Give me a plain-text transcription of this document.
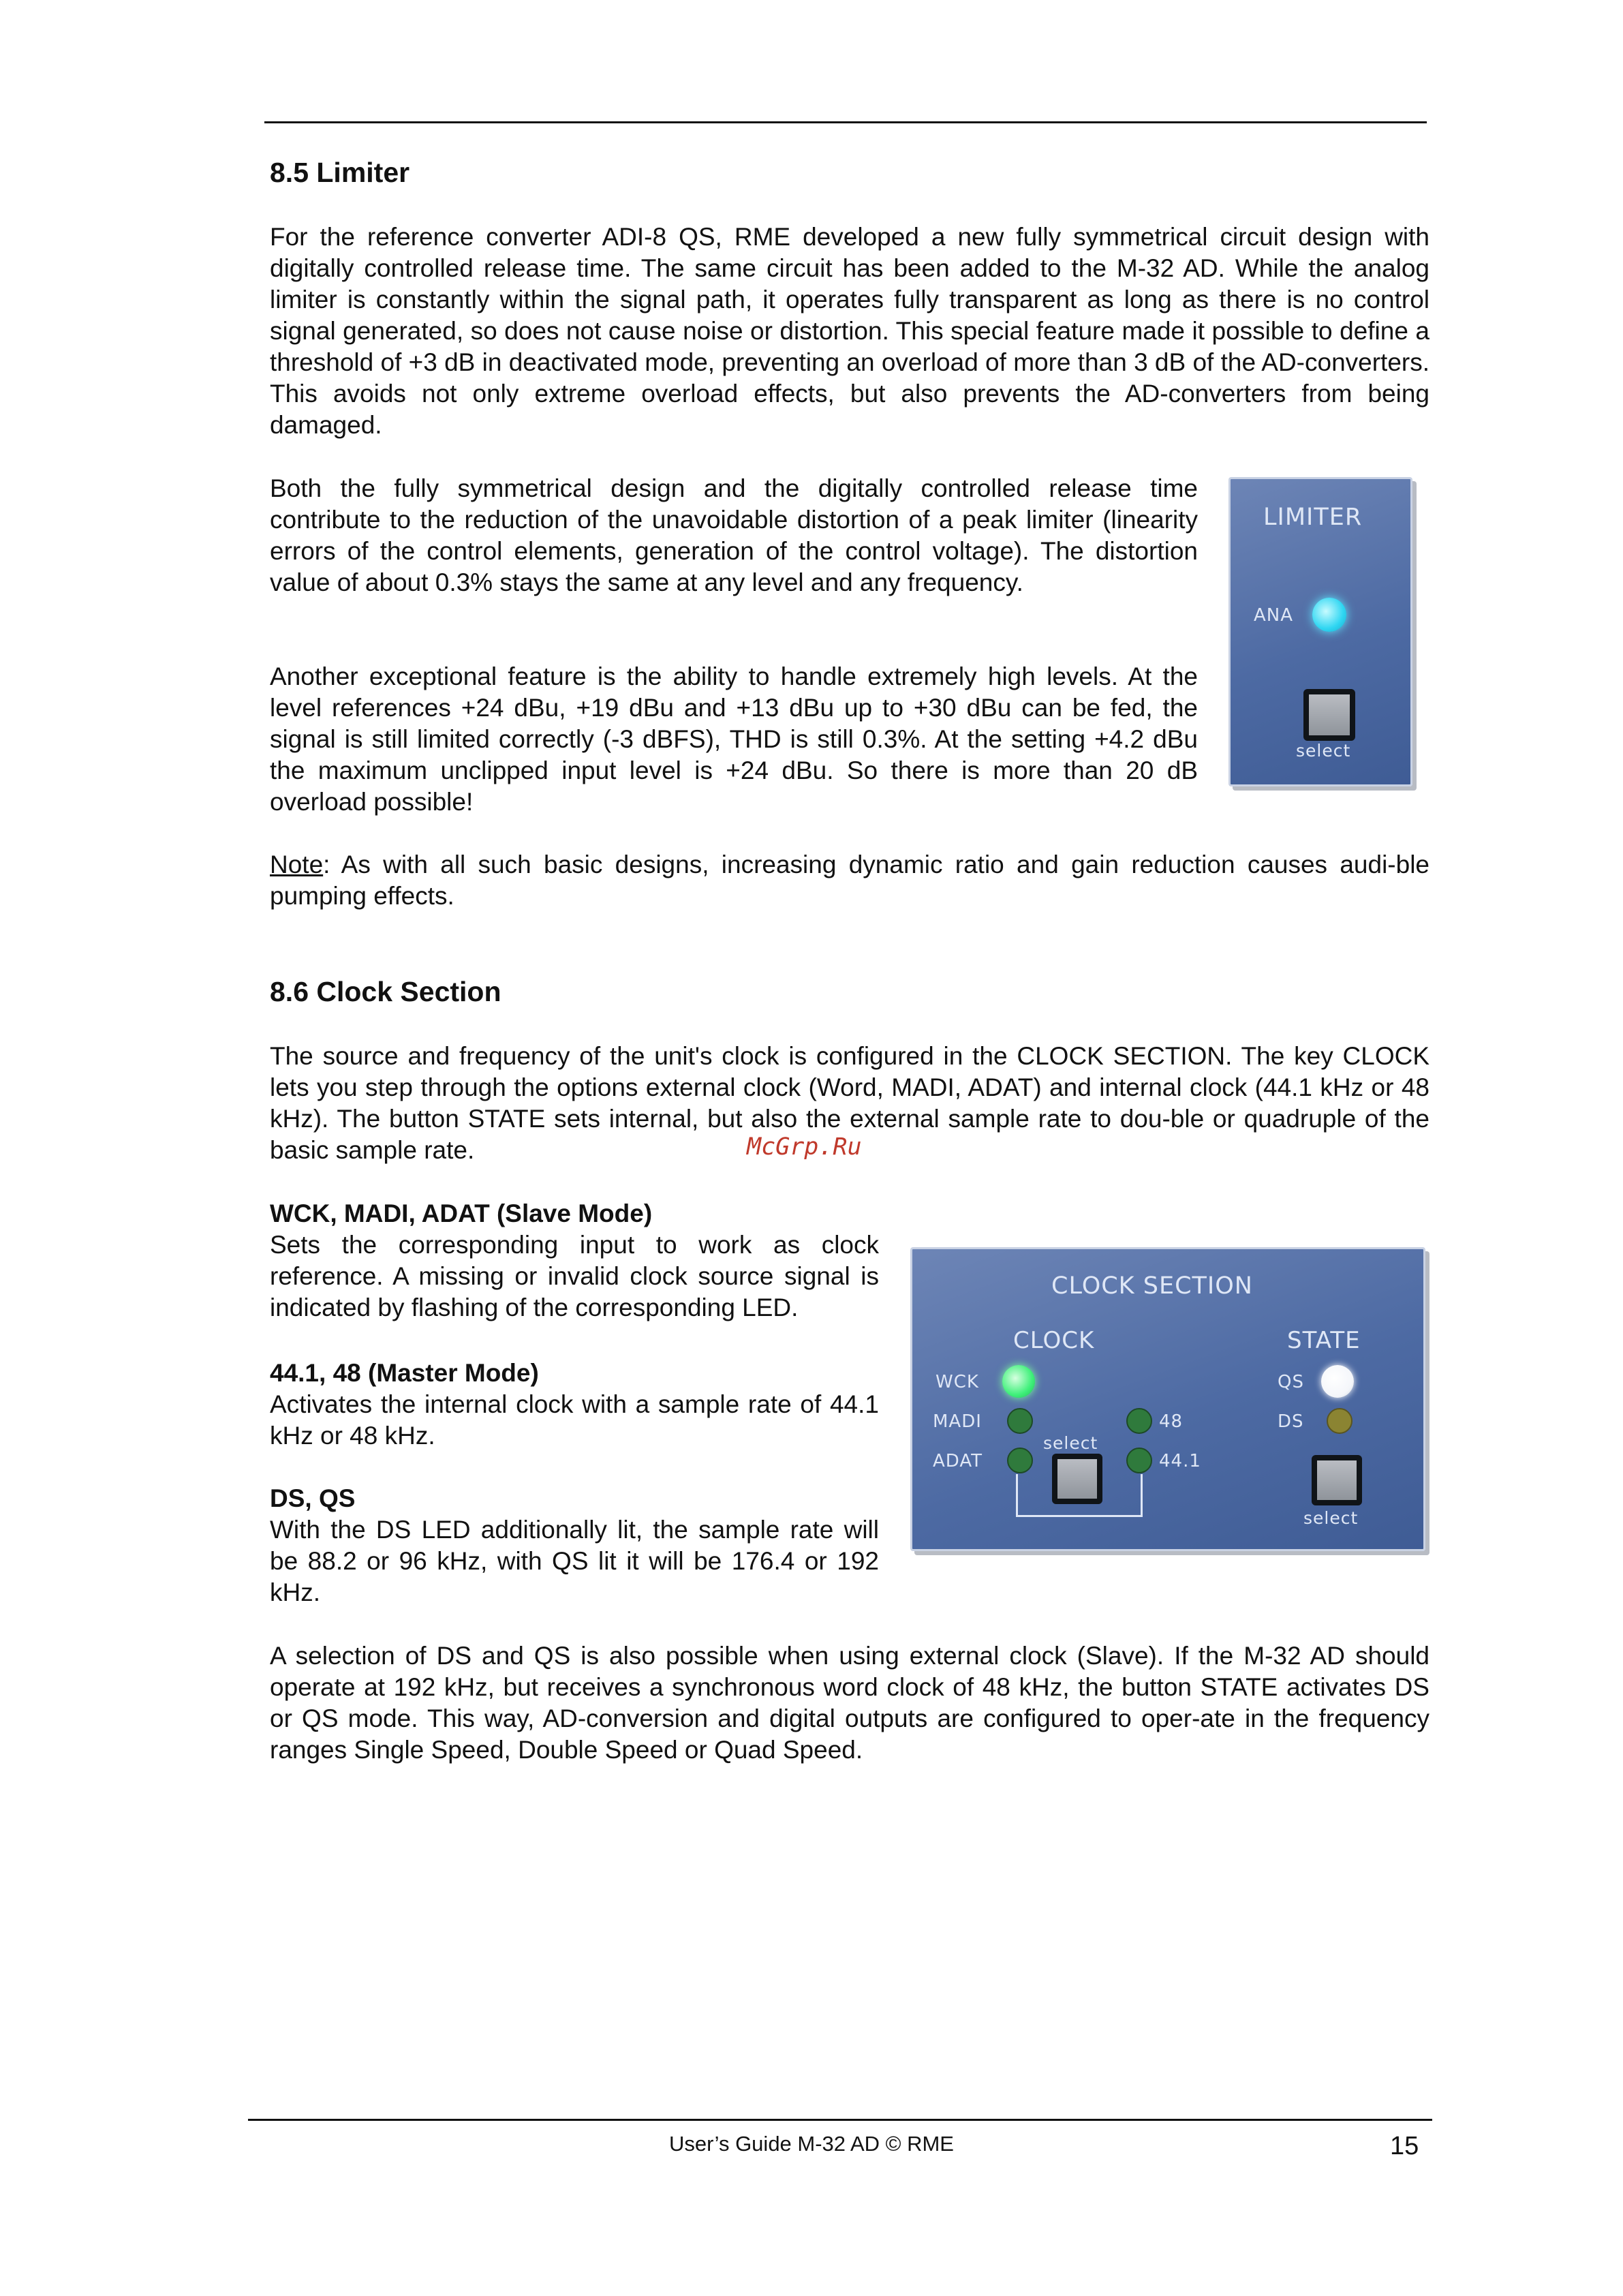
8.5 Limiter

For the reference converter ADI-8 QS, RME developed a new fully symmetrical circuit design with digitally controlled release time. The same circuit has been added to the M-32 AD. While the analog limiter is constantly within the signal path, it operates fully transparent as long as there is no control signal generated, so does not cause noise or distortion. This special feature made it possible to define a threshold of +3 dB in deactivated mode, preventing an overload of more than 3 dB of the AD-converters. This avoids not only extreme overload effects, but also prevents the AD-converters from being damaged.

Both the fully symmetrical design and the digitally controlled release time contribute to the reduction of the unavoidable distortion of a peak limiter (linearity errors of the control elements, generation of the control voltage). The distortion value of about 0.3% stays the same at any level and any frequency.

Another exceptional feature is the ability to handle extremely high levels. At the level references +24 dBu, +19 dBu and +13 dBu up to +30 dBu can be fed, the signal is still limited correctly (-3 dBFS), THD is still 0.3%. At the setting +4.2 dBu the maximum unclipped input level is +24 dBu. So there is more than 20 dB overload possible!

Note: As with all such basic designs, increasing dynamic ratio and gain reduction causes audi-ble pumping effects.

LIMITER
ANA
select
8.6 Clock Section

The source and frequency of the unit's clock is configured in the CLOCK SECTION. The key CLOCK lets you step through the options external clock (Word, MADI, ADAT) and internal clock (44.1 kHz or 48 kHz). The button STATE sets internal, but also the external sample rate to dou-ble or quadruple of the basic sample rate.	McGrp.Ru

WCK, MADI, ADAT (Slave Mode)
Sets the corresponding input to work as clock reference. A missing or invalid clock source signal is indicated by flashing of the corresponding LED.

44.1, 48 (Master Mode)
Activates the internal clock with a sample rate of 44.1 kHz or 48 kHz.

DS, QS
With the DS LED additionally lit, the sample rate will be 88.2 or 96 kHz, with QS lit it will be 176.4 or 192 kHz.

CLOCK SECTION
CLOCK	STATE
WCK
MADI
ADAT
48
44.1
select
QS
DS
select

A selection of DS and QS is also possible when using external clock (Slave). If the M-32 AD should operate at 192 kHz, but receives a synchronous word clock of 48 kHz, the button STATE activates DS or QS mode. This way, AD-conversion and digital outputs are configured to oper-ate in the frequency ranges Single Speed, Double Speed or Quad Speed.

User’s Guide M-32 AD © RME	15
